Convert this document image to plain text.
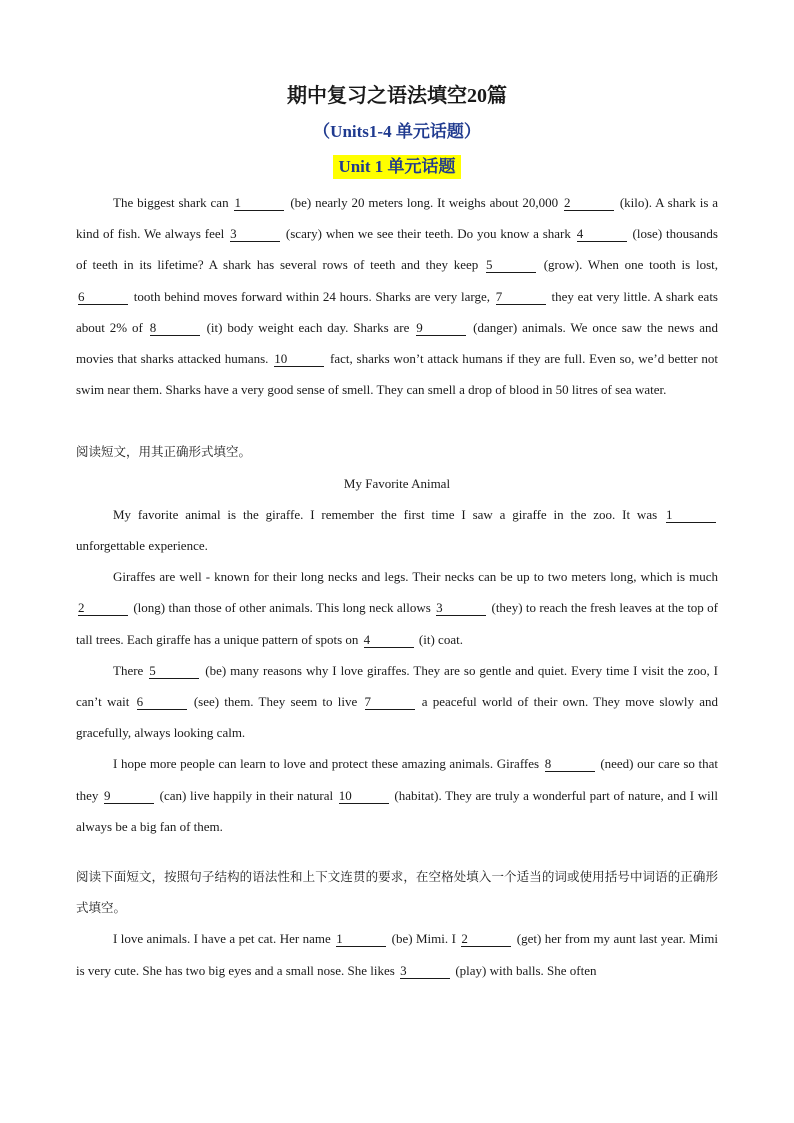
期中复习之语法填空20篇
（Units1-4 单元话题）
Unit 1 单元话题

The biggest shark can 1	(be) nearly 20 meters long. It weighs about 20,000 2	(kilo). A shark is a kind of fish. We always feel 3	(scary) when we see their teeth. Do you know a shark 4	(lose) thousands of teeth in its lifetime? A shark has several rows of teeth and they keep 5	(grow). When one tooth is lost, 6	tooth behind moves forward within 24 hours. Sharks are very large, 7	they eat very little. A shark eats about 2% of 8	(it) body weight each day. Sharks are 9	(danger) animals. We once saw the news and movies that sharks attacked humans. 10	fact, sharks won’t attack humans if they are full. Even so, we’d better not swim near them. Sharks have a very good sense of smell. They can smell a drop of blood in 50 litres of sea water.

阅读短文，用其正确形式填空。

My Favorite Animal

My favorite animal is the giraffe. I remember the first time I saw a giraffe in the zoo. It was 1 unforgettable experience.

Giraffes are well - known for their long necks and legs. Their necks can be up to two meters long, which is much 2	(long) than those of other animals. This long neck allows 3	(they) to reach the fresh leaves at the top of tall trees. Each giraffe has a unique pattern of spots on 4	(it) coat.

There 5	(be) many reasons why I love giraffes. They are so gentle and quiet. Every time I visit the zoo, I can’t wait 6	(see) them. They seem to live 7	a peaceful world of their own. They move slowly and gracefully, always looking calm.

I hope more people can learn to love and protect these amazing animals. Giraffes 8	(need) our care so that they 9	(can) live happily in their natural 10	(habitat). They are truly a wonderful part of nature, and I will always be a big fan of them.

阅读下面短文，按照句子结构的语法性和上下文连贯的要求，在空格处填入一个适当的词或使用括号中词语的正确形式填空。

I love animals. I have a pet cat. Her name 1	(be) Mimi. I 2	(get) her from my aunt last year. Mimi is very cute. She has two big eyes and a small nose. She likes 3	(play) with balls. She often
